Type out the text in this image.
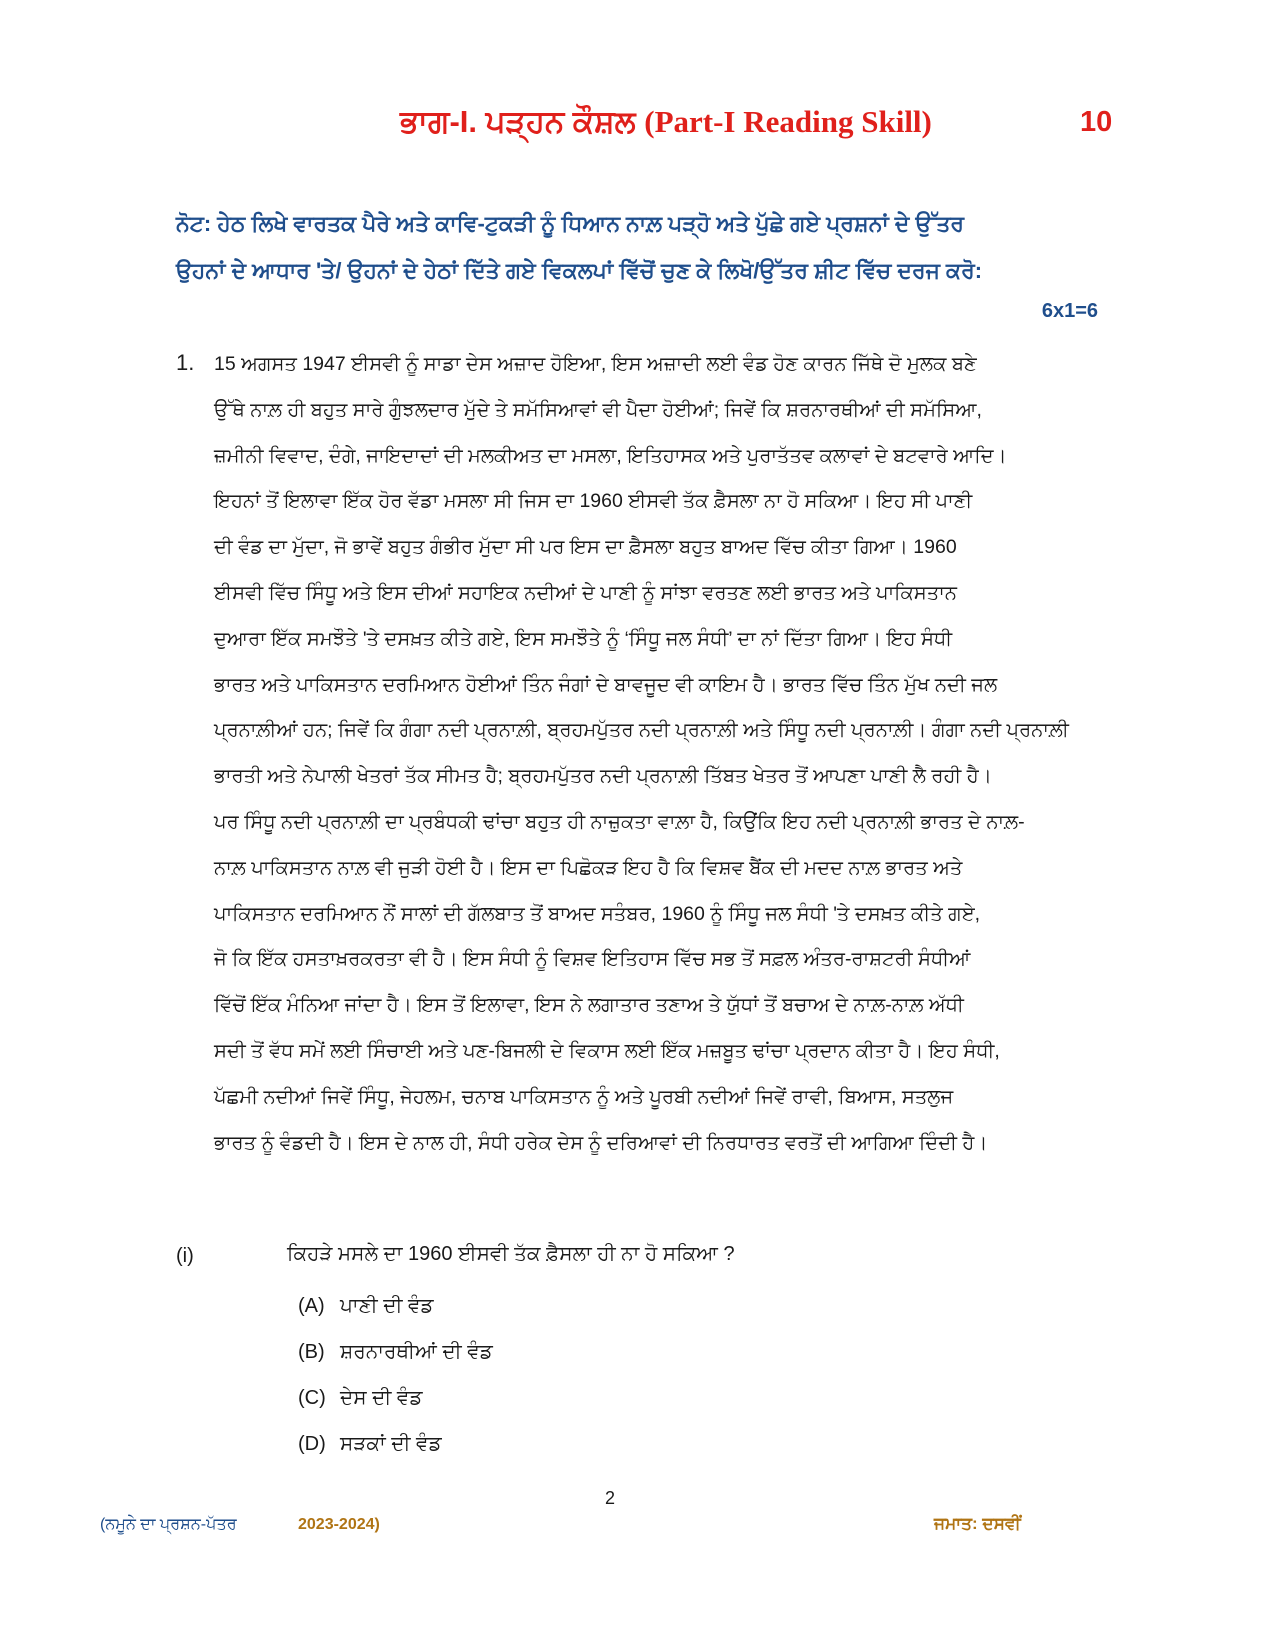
ਭਾਗ-I. ਪੜ੍ਹਨ ਕੌਸ਼ਲ (Part-I Reading Skill)	10
ਨੋਟ: ਹੇਠ ਲਿਖੇ ਵਾਰਤਕ ਪੈਰੇ ਅਤੇ ਕਾਵਿ-ਟੁਕੜੀ ਨੂੰ ਧਿਆਨ ਨਾਲ਼ ਪੜ੍ਹੋ ਅਤੇ ਪੁੱਛੇ ਗਏ ਪ੍ਰਸ਼ਨਾਂ ਦੇ ਉੱਤਰ
ਉਹਨਾਂ ਦੇ ਆਧਾਰ 'ਤੇ/ ਉਹਨਾਂ ਦੇ ਹੇਠਾਂ ਦਿੱਤੇ ਗਏ ਵਿਕਲਪਾਂ ਵਿੱਚੋਂ ਚੁਣ ਕੇ ਲਿਖੋ/ਉੱਤਰ ਸ਼ੀਟ ਵਿੱਚ ਦਰਜ ਕਰੋ:
6x1=6
1. 15 ਅਗਸਤ 1947 ਈਸਵੀ ਨੂੰ ਸਾਡਾ ਦੇਸ ਅਜ਼ਾਦ ਹੋਇਆ, ਇਸ ਅਜ਼ਾਦੀ ਲਈ ਵੰਡ ਹੋਣ ਕਾਰਨ ਜਿੱਥੇ ਦੋ ਮੁਲਕ ਬਣੇ
ਉੱਥੇ ਨਾਲ਼ ਹੀ ਬਹੁਤ ਸਾਰੇ ਗੁੰਝਲਦਾਰ ਮੁੱਦੇ ਤੇ ਸਮੱਸਿਆਵਾਂ ਵੀ ਪੈਦਾ ਹੋਈਆਂ; ਜਿਵੇਂ ਕਿ ਸ਼ਰਨਾਰਥੀਆਂ ਦੀ ਸਮੱਸਿਆ,
ਜ਼ਮੀਨੀ ਵਿਵਾਦ, ਦੰਗੇ, ਜਾਇਦਾਦਾਂ ਦੀ ਮਲਕੀਅਤ ਦਾ ਮਸਲਾ, ਇਤਿਹਾਸਕ ਅਤੇ ਪੁਰਾਤੱਤਵ ਕਲਾਵਾਂ ਦੇ ਬਟਵਾਰੇ ਆਦਿ।
ਇਹਨਾਂ ਤੋਂ ਇਲਾਵਾ ਇੱਕ ਹੋਰ ਵੱਡਾ ਮਸਲਾ ਸੀ ਜਿਸ ਦਾ 1960 ਈਸਵੀ ਤੱਕ ਫ਼ੈਸਲਾ ਨਾ ਹੋ ਸਕਿਆ। ਇਹ ਸੀ ਪਾਣੀ
ਦੀ ਵੰਡ ਦਾ ਮੁੱਦਾ, ਜੋ ਭਾਵੇਂ ਬਹੁਤ ਗੰਭੀਰ ਮੁੱਦਾ ਸੀ ਪਰ ਇਸ ਦਾ ਫ਼ੈਸਲਾ ਬਹੁਤ ਬਾਅਦ ਵਿੱਚ ਕੀਤਾ ਗਿਆ। 1960
ਈਸਵੀ ਵਿੱਚ ਸਿੰਧੂ ਅਤੇ ਇਸ ਦੀਆਂ ਸਹਾਇਕ ਨਦੀਆਂ ਦੇ ਪਾਣੀ ਨੂੰ ਸਾਂਝਾ ਵਰਤਣ ਲਈ ਭਾਰਤ ਅਤੇ ਪਾਕਿਸਤਾਨ
ਦੁਆਰਾ ਇੱਕ ਸਮਝੌਤੇ 'ਤੇ ਦਸਖ਼ਤ ਕੀਤੇ ਗਏ, ਇਸ ਸਮਝੌਤੇ ਨੂੰ ‘ਸਿੰਧੂ ਜਲ ਸੰਧੀ’ ਦਾ ਨਾਂ ਦਿੱਤਾ ਗਿਆ। ਇਹ ਸੰਧੀ
ਭਾਰਤ ਅਤੇ ਪਾਕਿਸਤਾਨ ਦਰਮਿਆਨ ਹੋਈਆਂ ਤਿੰਨ ਜੰਗਾਂ ਦੇ ਬਾਵਜੂਦ ਵੀ ਕਾਇਮ ਹੈ। ਭਾਰਤ ਵਿੱਚ ਤਿੰਨ ਮੁੱਖ ਨਦੀ ਜਲ
ਪ੍ਰਨਾਲ਼ੀਆਂ ਹਨ; ਜਿਵੇਂ ਕਿ ਗੰਗਾ ਨਦੀ ਪ੍ਰਨਾਲ਼ੀ, ਬ੍ਰਹਮਪੁੱਤਰ ਨਦੀ ਪ੍ਰਨਾਲ਼ੀ ਅਤੇ ਸਿੰਧੂ ਨਦੀ ਪ੍ਰਨਾਲ਼ੀ। ਗੰਗਾ ਨਦੀ ਪ੍ਰਨਾਲ਼ੀ
ਭਾਰਤੀ ਅਤੇ ਨੇਪਾਲੀ ਖੇਤਰਾਂ ਤੱਕ ਸੀਮਤ ਹੈ; ਬ੍ਰਹਮਪੁੱਤਰ ਨਦੀ ਪ੍ਰਨਾਲ਼ੀ ਤਿੱਬਤ ਖੇਤਰ ਤੋਂ ਆਪਣਾ ਪਾਣੀ ਲੈ ਰਹੀ ਹੈ।
ਪਰ ਸਿੰਧੂ ਨਦੀ ਪ੍ਰਨਾਲ਼ੀ ਦਾ ਪ੍ਰਬੰਧਕੀ ਢਾਂਚਾ ਬਹੁਤ ਹੀ ਨਾਜ਼ੁਕਤਾ ਵਾਲ਼ਾ ਹੈ, ਕਿਉਂਕਿ ਇਹ ਨਦੀ ਪ੍ਰਨਾਲ਼ੀ ਭਾਰਤ ਦੇ ਨਾਲ਼-
ਨਾਲ਼ ਪਾਕਿਸਤਾਨ ਨਾਲ਼ ਵੀ ਜੁੜੀ ਹੋਈ ਹੈ। ਇਸ ਦਾ ਪਿਛੋਕੜ ਇਹ ਹੈ ਕਿ ਵਿਸ਼ਵ ਬੈਂਕ ਦੀ ਮਦਦ ਨਾਲ਼ ਭਾਰਤ ਅਤੇ
ਪਾਕਿਸਤਾਨ ਦਰਮਿਆਨ ਨੌਂ ਸਾਲਾਂ ਦੀ ਗੱਲਬਾਤ ਤੋਂ ਬਾਅਦ ਸਤੰਬਰ, 1960 ਨੂੰ ਸਿੰਧੂ ਜਲ ਸੰਧੀ 'ਤੇ ਦਸਖ਼ਤ ਕੀਤੇ ਗਏ,
ਜੋ ਕਿ ਇੱਕ ਹਸਤਾਖ਼ਰਕਰਤਾ ਵੀ ਹੈ। ਇਸ ਸੰਧੀ ਨੂੰ ਵਿਸ਼ਵ ਇਤਿਹਾਸ ਵਿੱਚ ਸਭ ਤੋਂ ਸਫ਼ਲ ਅੰਤਰ-ਰਾਸ਼ਟਰੀ ਸੰਧੀਆਂ
ਵਿੱਚੋਂ ਇੱਕ ਮੰਨਿਆ ਜਾਂਦਾ ਹੈ। ਇਸ ਤੋਂ ਇਲਾਵਾ, ਇਸ ਨੇ ਲਗਾਤਾਰ ਤਣਾਅ ਤੇ ਯੁੱਧਾਂ ਤੋਂ ਬਚਾਅ ਦੇ ਨਾਲ਼-ਨਾਲ਼ ਅੱਧੀ
ਸਦੀ ਤੋਂ ਵੱਧ ਸਮੇਂ ਲਈ ਸਿੰਚਾਈ ਅਤੇ ਪਣ-ਬਿਜਲੀ ਦੇ ਵਿਕਾਸ ਲਈ ਇੱਕ ਮਜ਼ਬੂਤ ਢਾਂਚਾ ਪ੍ਰਦਾਨ ਕੀਤਾ ਹੈ। ਇਹ ਸੰਧੀ,
ਪੱਛਮੀ ਨਦੀਆਂ ਜਿਵੇਂ ਸਿੰਧੂ, ਜੇਹਲਮ, ਚਨਾਬ ਪਾਕਿਸਤਾਨ ਨੂੰ ਅਤੇ ਪੂਰਬੀ ਨਦੀਆਂ ਜਿਵੇਂ ਰਾਵੀ, ਬਿਆਸ, ਸਤਲੁਜ
ਭਾਰਤ ਨੂੰ ਵੰਡਦੀ ਹੈ। ਇਸ ਦੇ ਨਾਲ ਹੀ, ਸੰਧੀ ਹਰੇਕ ਦੇਸ ਨੂੰ ਦਰਿਆਵਾਂ ਦੀ ਨਿਰਧਾਰਤ ਵਰਤੋਂ ਦੀ ਆਗਿਆ ਦਿੰਦੀ ਹੈ।
(i)	ਕਿਹੜੇ ਮਸਲੇ ਦਾ 1960 ਈਸਵੀ ਤੱਕ ਫ਼ੈਸਲਾ ਹੀ ਨਾ ਹੋ ਸਕਿਆ ?
(A) ਪਾਣੀ ਦੀ ਵੰਡ
(B) ਸ਼ਰਨਾਰਥੀਆਂ ਦੀ ਵੰਡ
(C) ਦੇਸ ਦੀ ਵੰਡ
(D) ਸੜਕਾਂ ਦੀ ਵੰਡ
2
(ਨਮੂਨੇ ਦਾ ਪ੍ਰਸ਼ਨ-ਪੱਤਰ	2023-2024)	ਜਮਾਤ: ਦਸਵੀਂ
